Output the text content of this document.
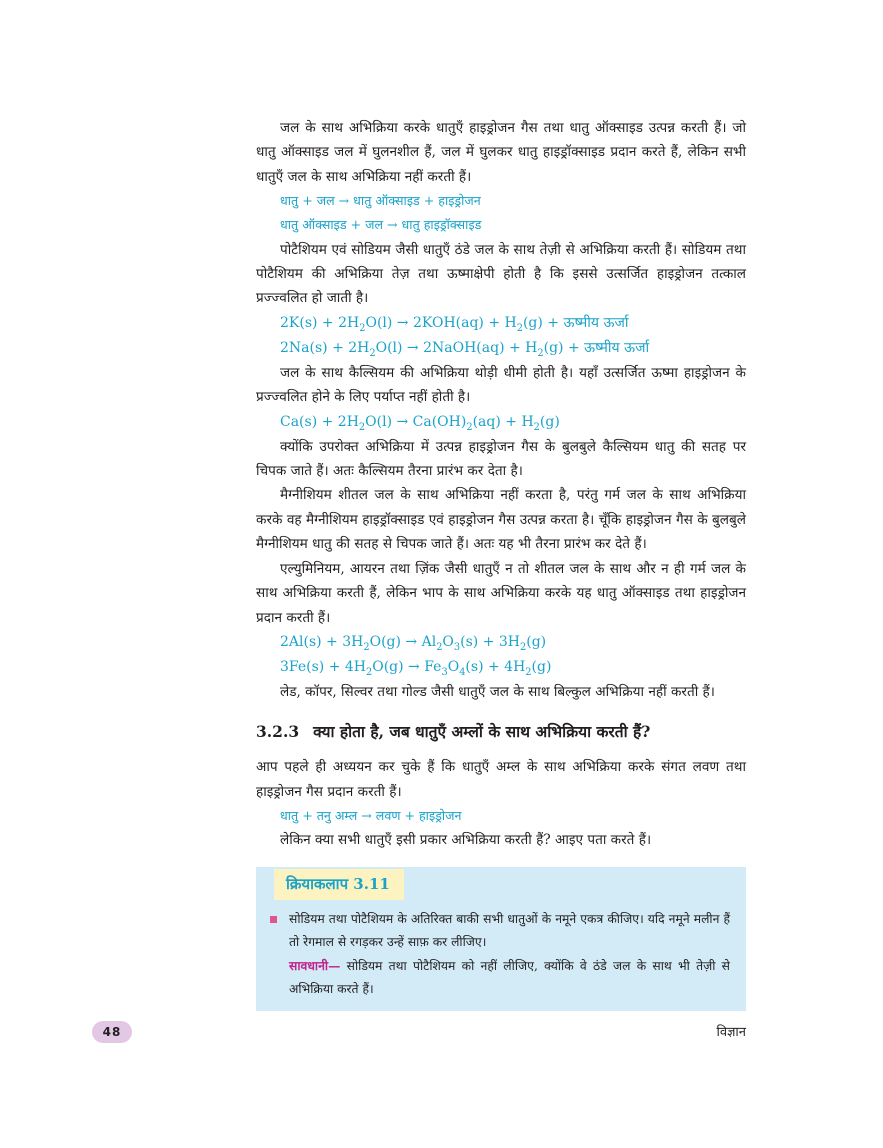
जल के साथ अभिक्रिया करके धातुएँ हाइड्रोजन गैस तथा धातु ऑक्साइड उत्पन्न करती हैं। जो धातु ऑक्साइड जल में घुलनशील हैं, जल में घुलकर धातु हाइड्रॉक्साइड प्रदान करते हैं, लेकिन सभी धातुएँ जल के साथ अभिक्रिया नहीं करती हैं।

धातु + जल → धातु ऑक्साइड + हाइड्रोजन
धातु ऑक्साइड + जल → धातु हाइड्रॉक्साइड

पोटैशियम एवं सोडियम जैसी धातुएँ ठंडे जल के साथ तेज़ी से अभिक्रिया करती हैं। सोडियम तथा पोटैशियम की अभिक्रिया तेज़ तथा ऊष्माक्षेपी होती है कि इससे उत्सर्जित हाइड्रोजन तत्काल प्रज्ज्वलित हो जाती है।

$2K(s) + 2H_2O(l) \to 2KOH(aq) + H_2(g)$ + ऊष्मीय ऊर्जा
$2Na(s) + 2H_2O(l)$ → 2NaOH(aq) + $H_2(g)$ + ऊष्मीय ऊर्जा

जल के साथ कैल्सियम की अभिक्रिया थोड़ी धीमी होती है। यहाँ उत्सर्जित ऊष्मा हाइड्रोजन के प्रज्ज्वलित होने के लिए पर्याप्त नहीं होती है।

$Ca(s) + 2H_2O(l) \to Ca(OH)_2(aq) + H_2(g)$

क्योंकि उपरोक्त अभिक्रिया में उत्पन्न हाइड्रोजन गैस के बुलबुले कैल्सियम धातु की सतह पर चिपक जाते हैं। अतः कैल्सियम तैरना प्रारंभ कर देता है।

मैग्नीशियम शीतल जल के साथ अभिक्रिया नहीं करता है, परंतु गर्म जल के साथ अभिक्रिया करके वह मैग्नीशियम हाइड्रॉक्साइड एवं हाइड्रोजन गैस उत्पन्न करता है। चूँकि हाइड्रोजन गैस के बुलबुले मैग्नीशियम धातु की सतह से चिपक जाते हैं। अतः यह भी तैरना प्रारंभ कर देते हैं।

एल्युमिनियम, आयरन तथा ज़िंक जैसी धातुएँ न तो शीतल जल के साथ और न ही गर्म जल के साथ अभिक्रिया करती हैं, लेकिन भाप के साथ अभिक्रिया करके यह धातु ऑक्साइड तथा हाइड्रोजन प्रदान करती हैं।

$2Al(s) + 3H_2O(g) \to Al_2O_3(s) + 3H_2(g)$
$3Fe(s) + 4H_2O(g) \to Fe_3O_4(s) + 4H_2(g)$

लेड, कॉपर, सिल्वर तथा गोल्ड जैसी धातुएँ जल के साथ बिल्कुल अभिक्रिया नहीं करती हैं।

3.2.3 क्या होता है, जब धातुएँ अम्लों के साथ अभिक्रिया करती हैं?

आप पहले ही अध्ययन कर चुके हैं कि धातुएँ अम्ल के साथ अभिक्रिया करके संगत लवण तथा हाइड्रोजन गैस प्रदान करती हैं।

धातु + तनु अम्ल → लवण + हाइड्रोजन

लेकिन क्या सभी धातुएँ इसी प्रकार अभिक्रिया करती हैं? आइए पता करते हैं।

क्रियाकलाप 3.11
सोडियम तथा पोटैशियम के अतिरिक्त बाकी सभी धातुओं के नमूने एकत्र कीजिए। यदि नमूने मलीन हैं तो रेगमाल से रगड़कर उन्हें साफ़ कर लीजिए।
सावधानी— सोडियम तथा पोटैशियम को नहीं लीजिए, क्योंकि वे ठंडे जल के साथ भी तेज़ी से अभिक्रिया करते हैं।
48	विज्ञान
